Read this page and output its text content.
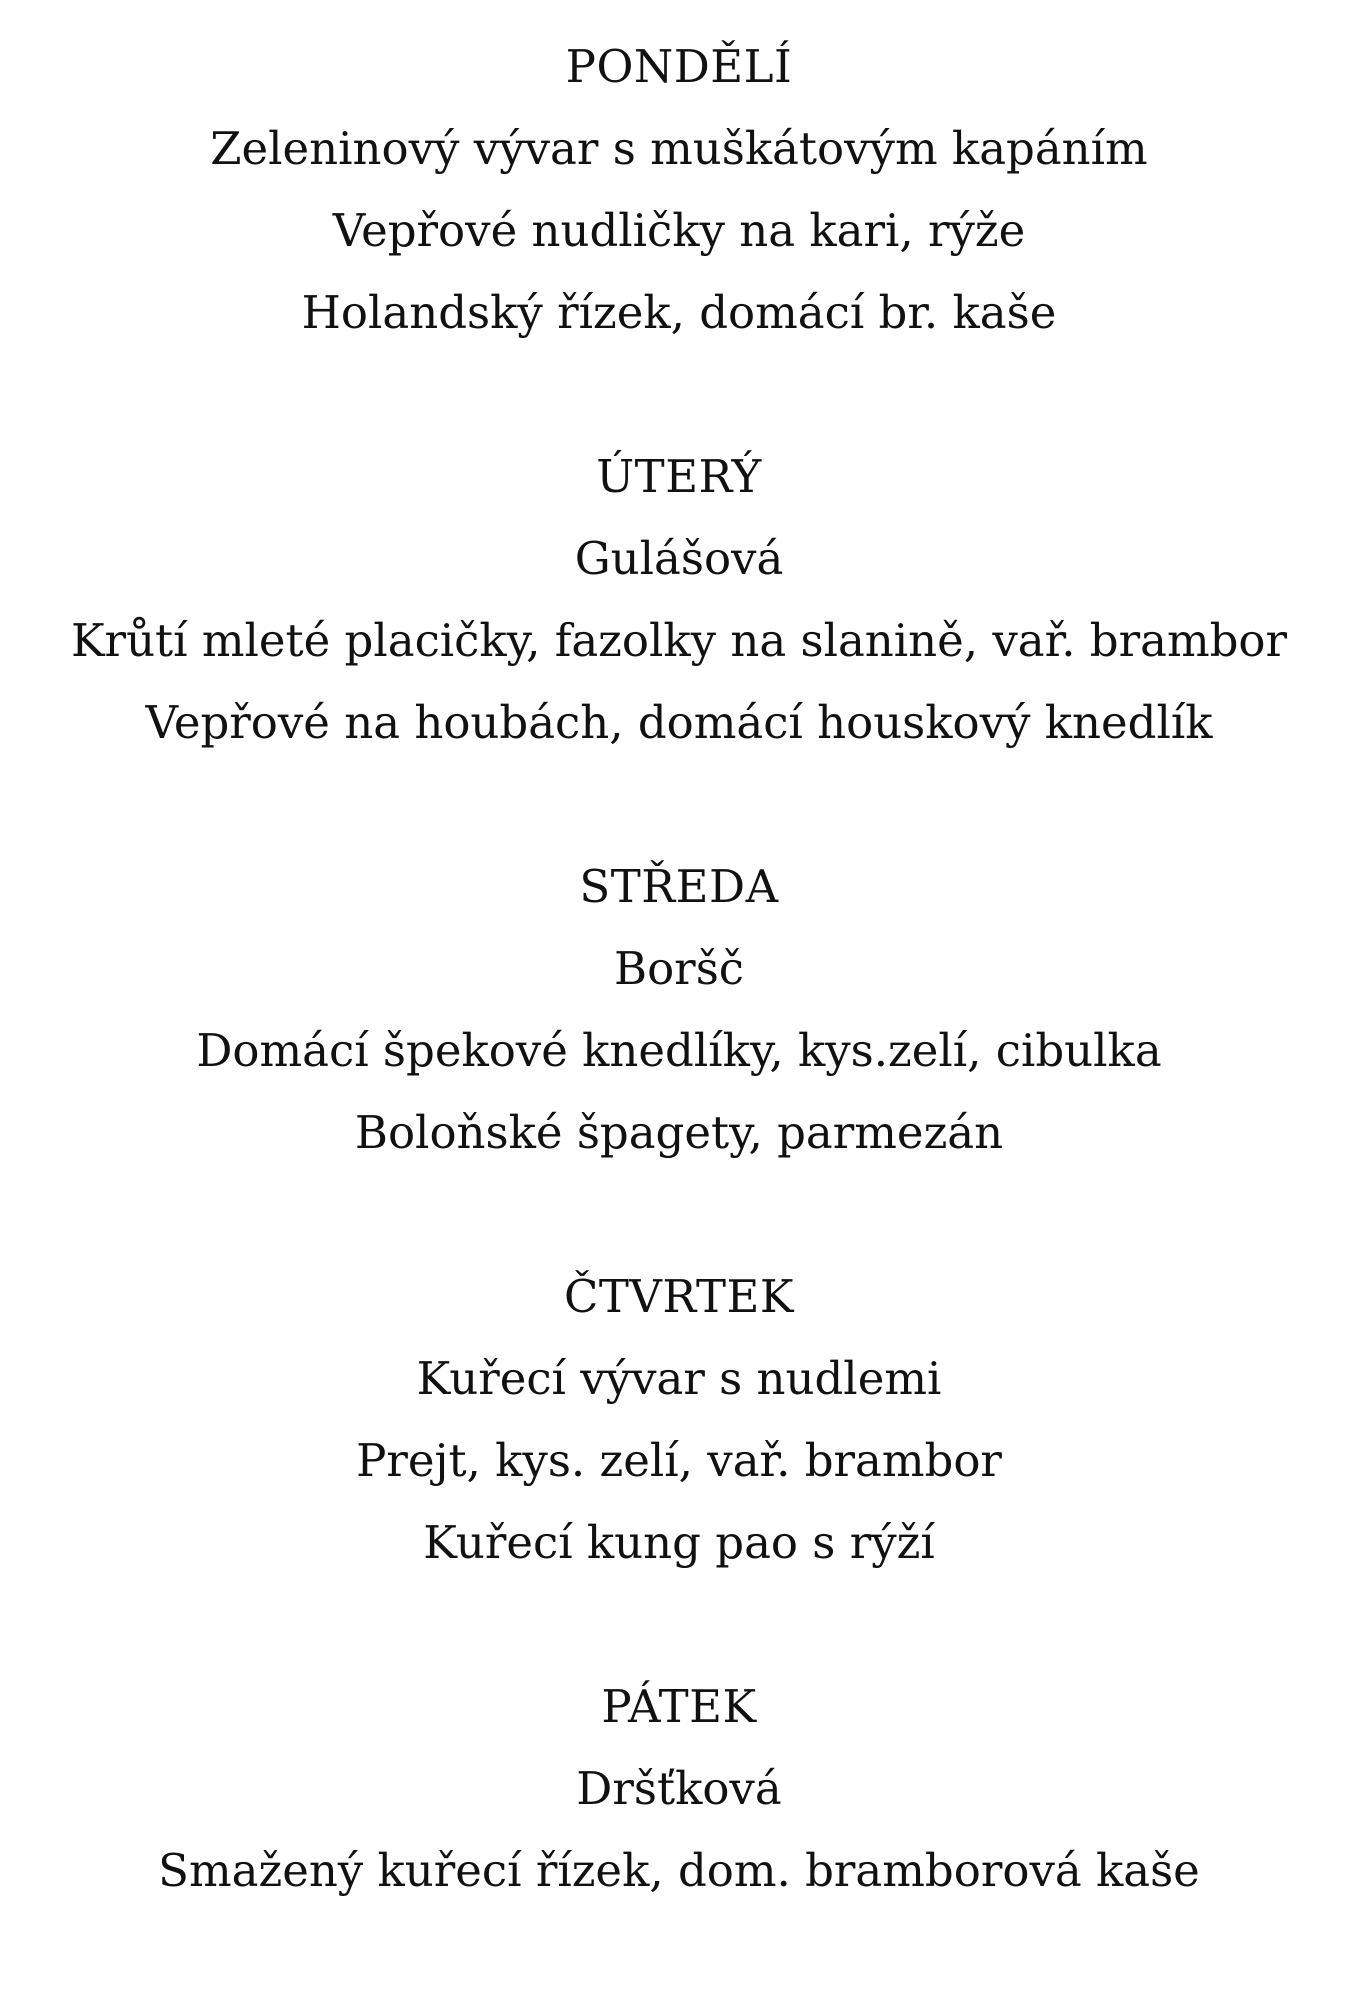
PONDĚLÍ
Zeleninový vývar s muškátovým kapáním
Vepřové nudličky na kari, rýže
Holandský řízek, domácí br. kaše
ÚTERÝ
Gulášová
Krůtí mleté placičky, fazolky na slanině, vař. brambor
Vepřové na houbách, domácí houskový knedlík
STŘEDA
Boršč
Domácí špekové knedlíky, kys.zelí, cibulka
Boloňské špagety, parmezán
ČTVRTEK
Kuřecí vývar s nudlemi
Prejt, kys. zelí, vař. brambor
Kuřecí kung pao s rýží
PÁTEK
Dršťková
Smažený kuřecí řízek, dom. bramborová kaše
